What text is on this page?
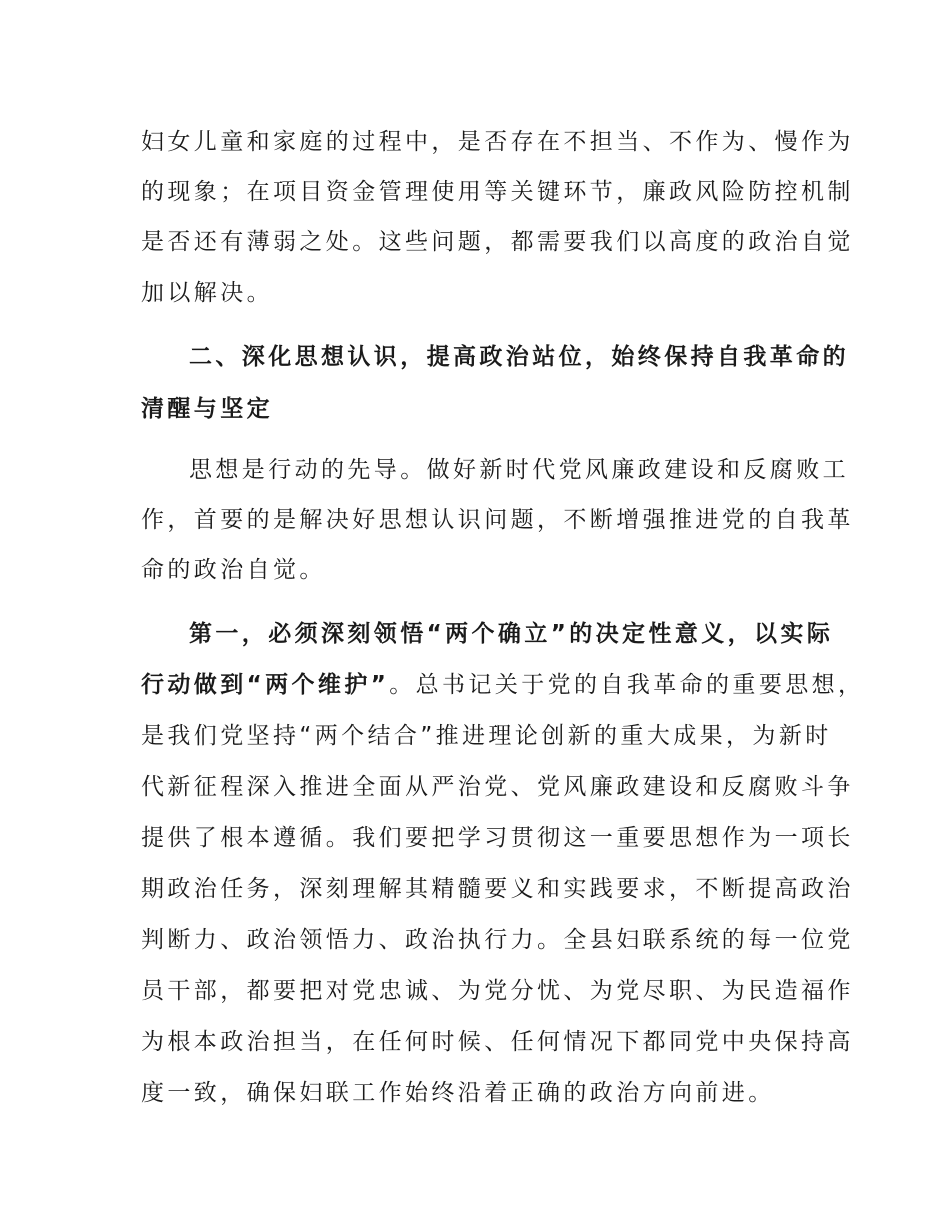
妇女儿童和家庭的过程中，是否存在不担当、不作为、慢作为
的现象；在项目资金管理使用等关键环节，廉政风险防控机制
是否还有薄弱之处。这些问题，都需要我们以高度的政治自觉
加以解决。
二、深化思想认识，提高政治站位，始终保持自我革命的
清醒与坚定
思想是行动的先导。做好新时代党风廉政建设和反腐败工
作，首要的是解决好思想认识问题，不断增强推进党的自我革
命的政治自觉。
第一，必须深刻领悟“两个确立”的决定性意义，以实际
行动做到“两个维护”。总书记关于党的自我革命的重要思想，
是我们党坚持“两个结合”推进理论创新的重大成果，为新时
代新征程深入推进全面从严治党、党风廉政建设和反腐败斗争
提供了根本遵循。我们要把学习贯彻这一重要思想作为一项长
期政治任务，深刻理解其精髓要义和实践要求，不断提高政治
判断力、政治领悟力、政治执行力。全县妇联系统的每一位党
员干部，都要把对党忠诚、为党分忧、为党尽职、为民造福作
为根本政治担当，在任何时候、任何情况下都同党中央保持高
度一致，确保妇联工作始终沿着正确的政治方向前进。
